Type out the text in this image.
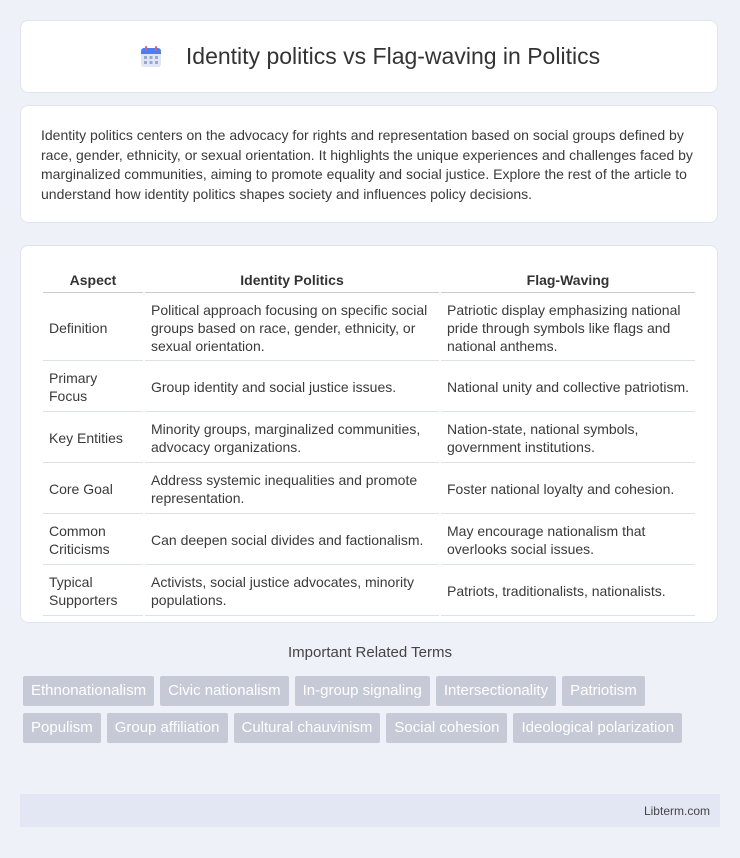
Identity politics vs Flag-waving in Politics

Identity politics centers on the advocacy for rights and representation based on social groups defined by race, gender, ethnicity, or sexual orientation. It highlights the unique experiences and challenges faced by marginalized communities, aiming to promote equality and social justice. Explore the rest of the article to understand how identity politics shapes society and influences policy decisions.

Aspect	Identity Politics	Flag-Waving
Definition	Political approach focusing on specific social groups based on race, gender, ethnicity, or sexual orientation.	Patriotic display emphasizing national pride through symbols like flags and national anthems.
Primary Focus	Group identity and social justice issues.	National unity and collective patriotism.
Key Entities	Minority groups, marginalized communities, advocacy organizations.	Nation-state, national symbols, government institutions.
Core Goal	Address systemic inequalities and promote representation.	Foster national loyalty and cohesion.
Common Criticisms	Can deepen social divides and factionalism.	May encourage nationalism that overlooks social issues.
Typical Supporters	Activists, social justice advocates, minority populations.	Patriots, traditionalists, nationalists.
Important Related Terms
Ethnonationalism	Civic nationalism	In-group signaling	Intersectionality	Patriotism
Populism	Group affiliation	Cultural chauvinism	Social cohesion	Ideological polarization
Libterm.com
